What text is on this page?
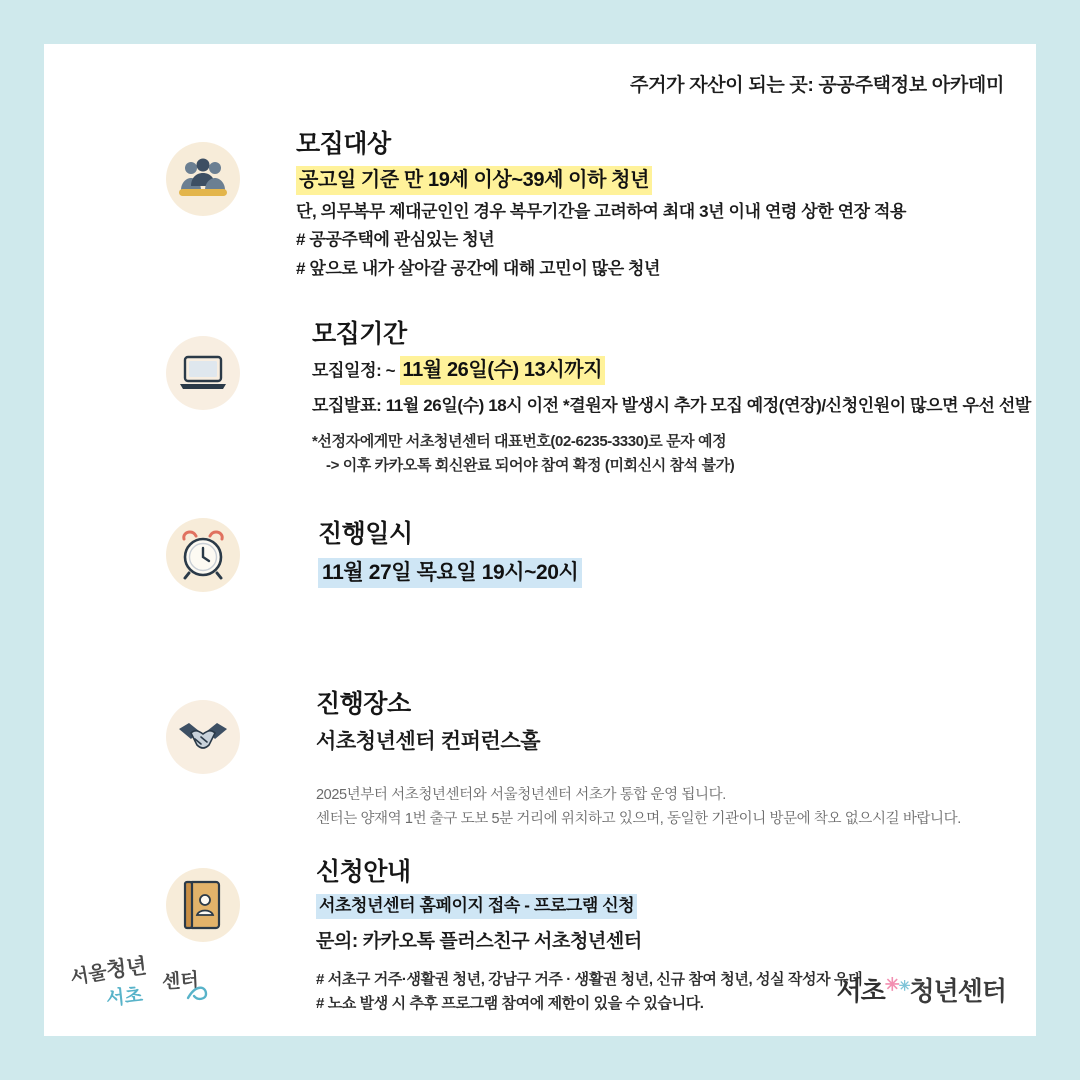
주거가 자산이 되는 곳: 공공주택정보 아카데미
모집대상
공고일 기준 만 19세 이상~39세 이하 청년

단, 의무복무 제대군인인 경우 복무기간을 고려하여 최대 3년 이내 연령 상한 연장 적용

# 공공주택에 관심있는 청년

# 앞으로 내가 살아갈 공간에 대해 고민이 많은 청년

모집기간
모집일정: ~ 11월 26일(수) 13시까지
모집발표: 11월 26일(수) 18시 이전 *결원자 발생시 추가 모집 예정(연장)/신청인원이 많으면 우선 선발

*선정자에게만 서초청년센터 대표번호(02-6235-3330)로 문자 예정

-> 이후 카카오톡 회신완료 되어야 참여 확정 (미회신시 참석 불가)

진행일시
11월 27일 목요일 19시~20시
진행장소

서초청년센터 컨퍼런스홀

2025년부터 서초청년센터와 서울청년센터 서초가 통합 운영 됩니다.

센터는 양재역 1번 출구 도보 5분 거리에 위치하고 있으며, 동일한 기관이니 방문에 착오 없으시길 바랍니다.

신청안내
서초청년센터 홈페이지 접속 - 프로그램 신청

문의: 카카오톡 플러스친구 서초청년센터

# 서초구 거주·생활권 청년, 강남구 거주 · 생활권 청년, 신규 참여 청년, 성실 작성자 우대

# 노쇼 발생 시 추후 프로그램 참여에 제한이 있을 수 있습니다.

서울
청년 센터
서초	서초✳✳청년센터
